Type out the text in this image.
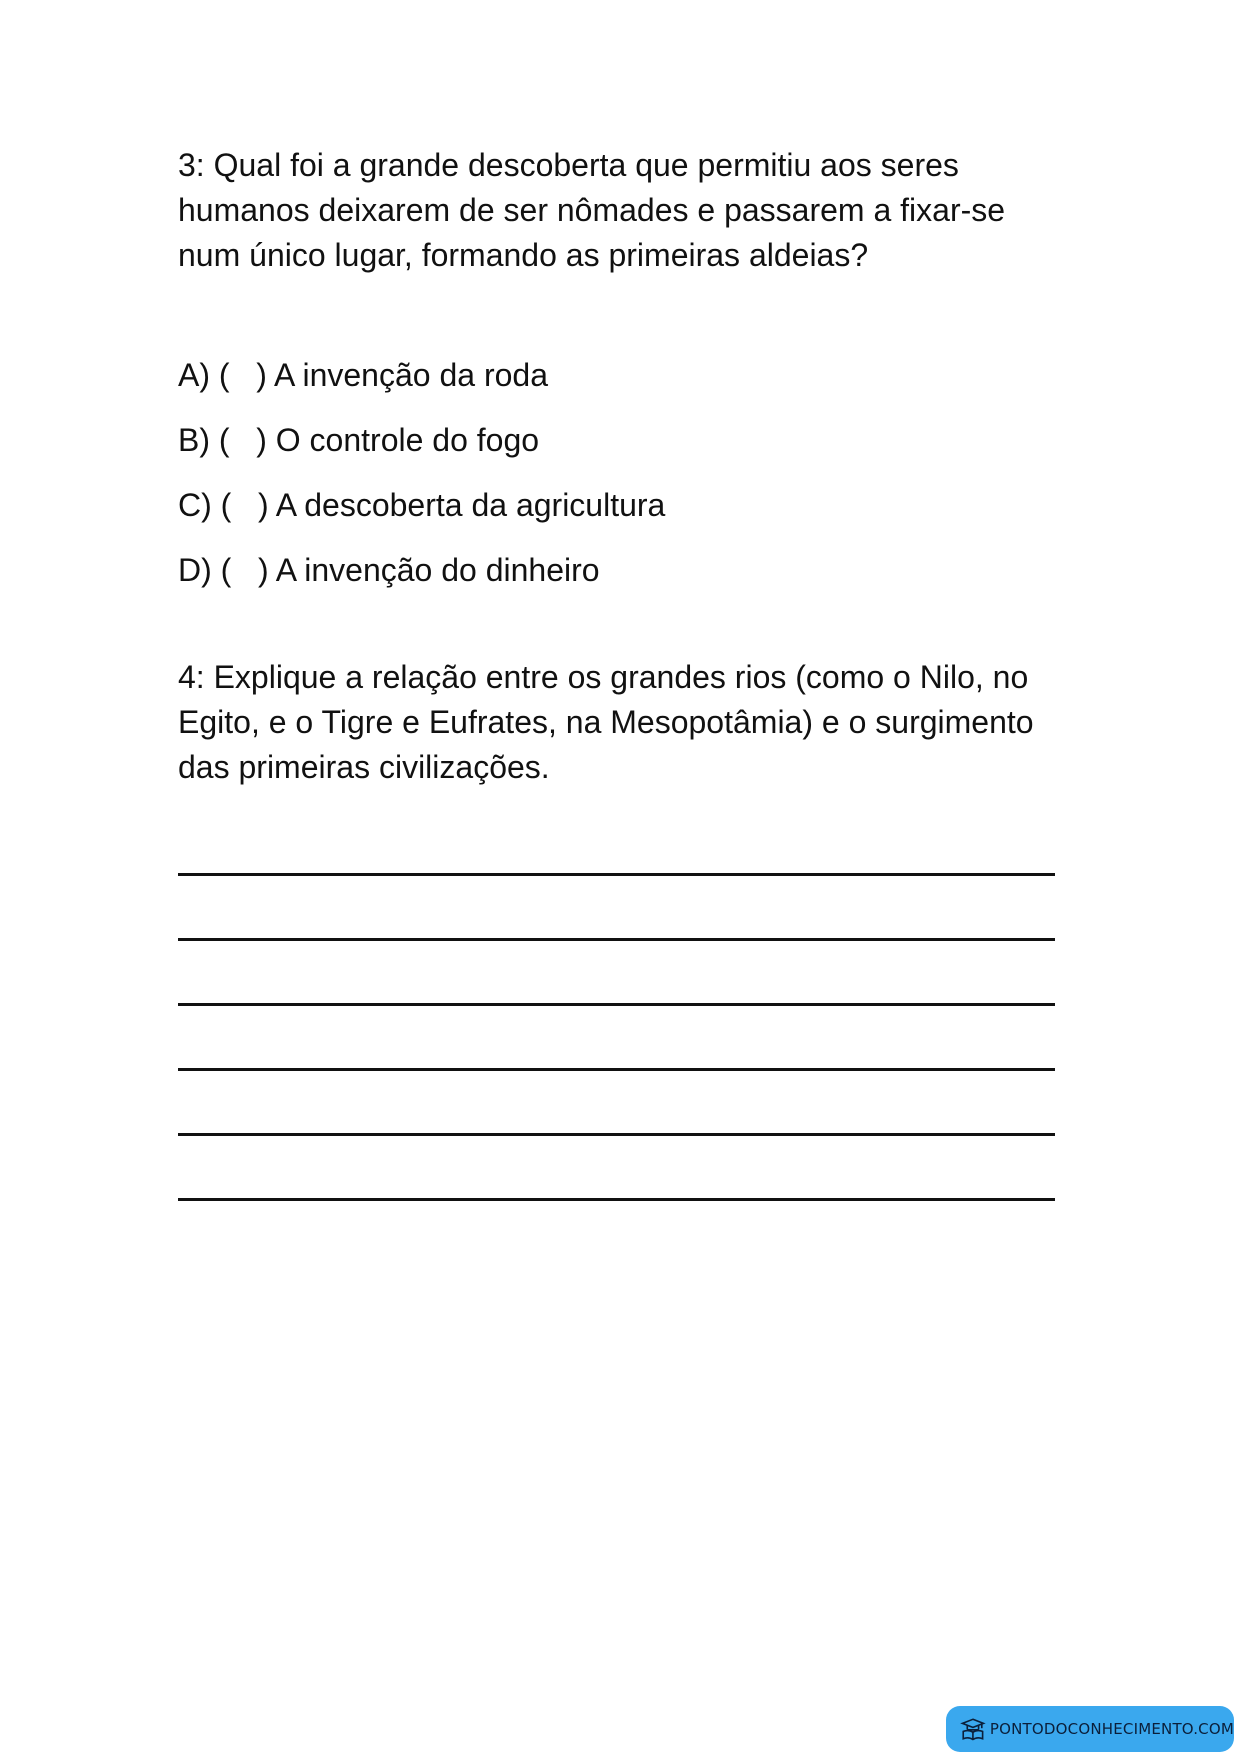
3: Qual foi a grande descoberta que permitiu aos seres humanos deixarem de ser nômades e passarem a fixar-se num único lugar, formando as primeiras aldeias?

A) (   ) A invenção da roda
B) (   ) O controle do fogo
C) (   ) A descoberta da agricultura
D) (   ) A invenção do dinheiro

4: Explique a relação entre os grandes rios (como o Nilo, no Egito, e o Tigre e Eufrates, na Mesopotâmia) e o surgimento das primeiras civilizações.

PONTODOCONHECIMENTO.COM
